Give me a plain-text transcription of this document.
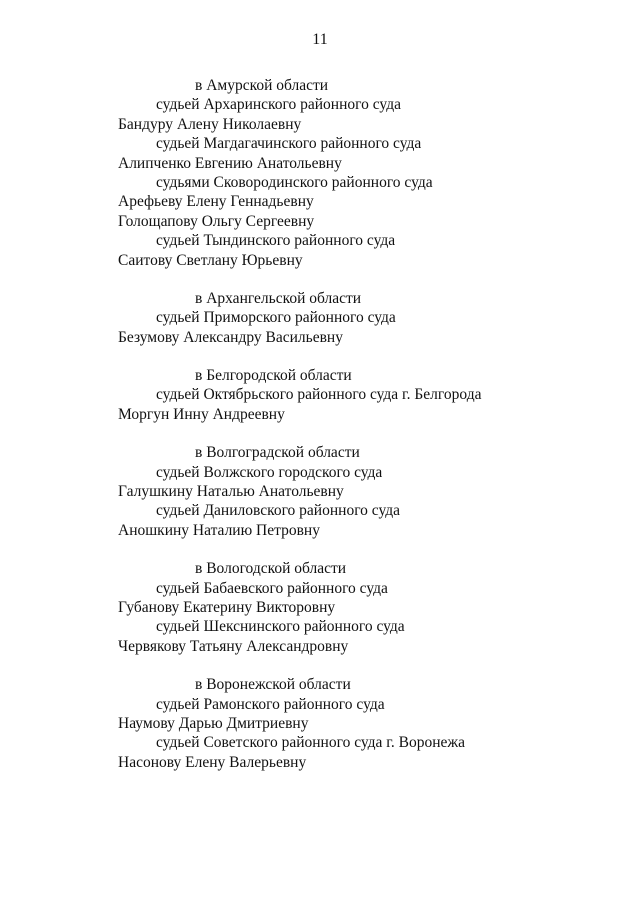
11
в Амурской области
судьей Архаринского районного суда
Бандуру Алену Николаевну
судьей Магдагачинского районного суда
Алипченко Евгению Анатольевну
судьями Сковородинского районного суда
Арефьеву Елену Геннадьевну
Голощапову Ольгу Сергеевну
судьей Тындинского районного суда
Саитову Светлану Юрьевну
в Архангельской области
судьей Приморского районного суда
Безумову Александру Васильевну
в Белгородской области
судьей Октябрьского районного суда г. Белгорода
Моргун Инну Андреевну
в Волгоградской области
судьей Волжского городского суда
Галушкину Наталью Анатольевну
судьей Даниловского районного суда
Аношкину Наталию Петровну
в Вологодской области
судьей Бабаевского районного суда
Губанову Екатерину Викторовну
судьей Шекснинского районного суда
Червякову Татьяну Александровну
в Воронежской области
судьей Рамонского районного суда
Наумову Дарью Дмитриевну
судьей Советского районного суда г. Воронежа
Насонову Елену Валерьевну
